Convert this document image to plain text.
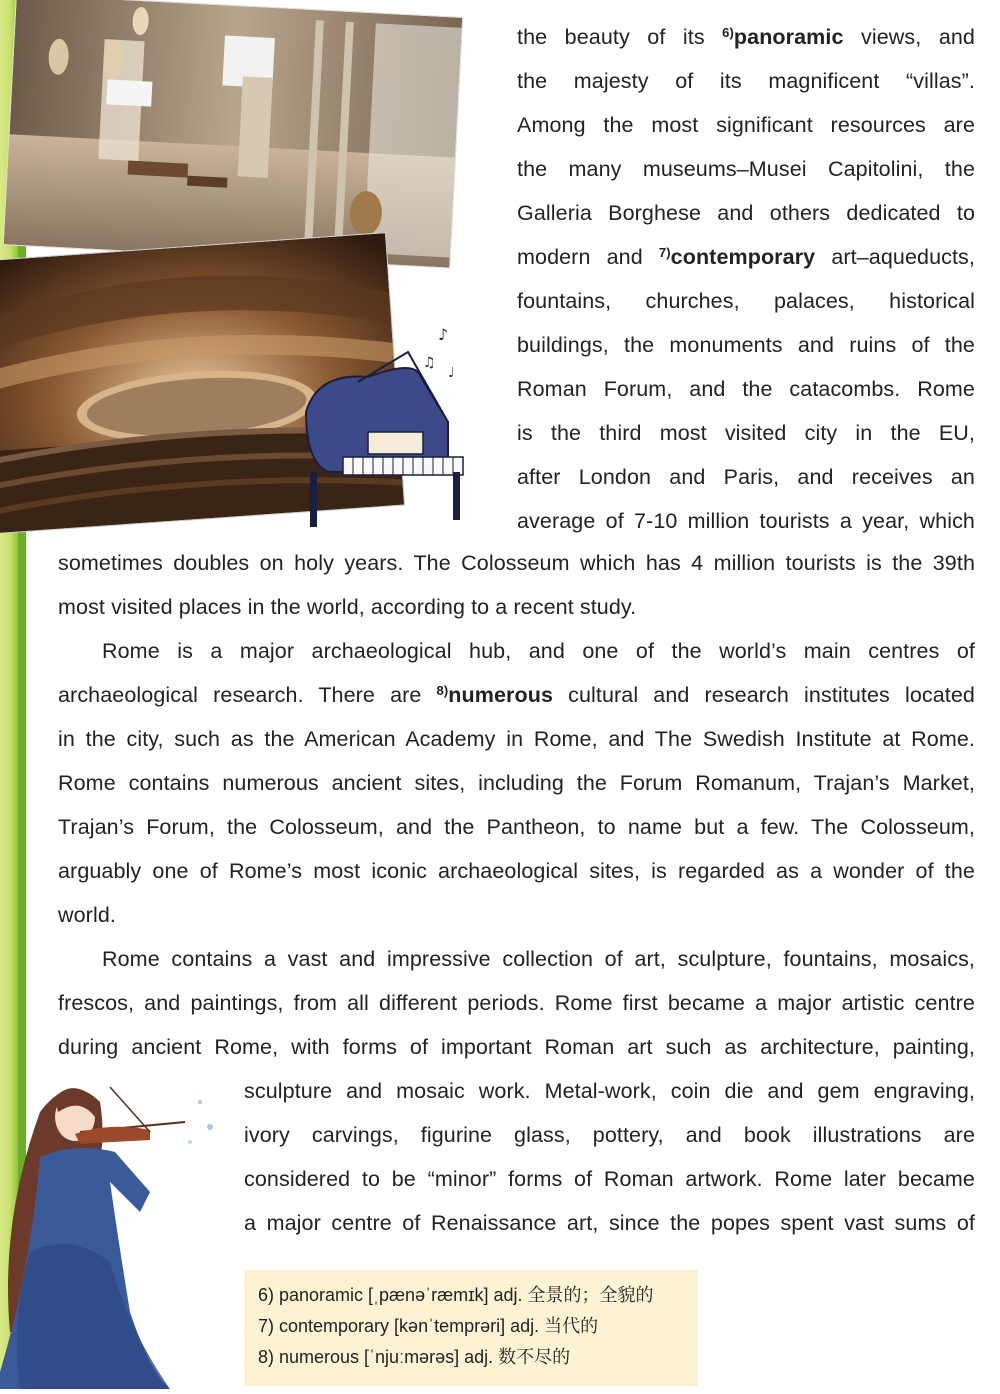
♪
♫
♩
the beauty of its $^{6)}$panoramic views, and
the majesty of its magnificent “villas”.
Among the most significant resources are
the many museums–Musei Capitolini, the
Galleria Borghese and others dedicated to
modern and $^{7)}$contemporary art–aqueducts,
fountains, churches, palaces, historical
buildings, the monuments and ruins of the
Roman Forum, and the catacombs. Rome
is the third most visited city in the EU,
after London and Paris, and receives an
average of 7-10 million tourists a year, which
sometimes doubles on holy years. The Colosseum which has 4 million tourists is the 39th
most visited places in the world, according to a recent study.
Rome is a major archaeological hub, and one of the world’s main centres of
archaeological research. There are $^{8)}$numerous cultural and research institutes located
in the city, such as the American Academy in Rome, and The Swedish Institute at Rome.
Rome contains numerous ancient sites, including the Forum Romanum, Trajan’s Market,
Trajan’s Forum, the Colosseum, and the Pantheon, to name but a few. The Colosseum,
arguably one of Rome’s most iconic archaeological sites, is regarded as a wonder of the
world.
Rome contains a vast and impressive collection of art, sculpture, fountains, mosaics,
frescos, and paintings, from all different periods. Rome first became a major artistic centre
during ancient Rome, with forms of important Roman art such as architecture, painting,
sculpture and mosaic work. Metal-work, coin die and gem engraving,
ivory carvings, figurine glass, pottery, and book illustrations are
considered to be “minor” forms of Roman artwork. Rome later became
a major centre of Renaissance art, since the popes spent vast sums of
6) panoramic [ˌpænəˈræmɪk] adj. 全景的；全貌的
7) contemporary [kənˈtemprəri] adj. 当代的
8) numerous [ˈnjuːmərəs] adj. 数不尽的
